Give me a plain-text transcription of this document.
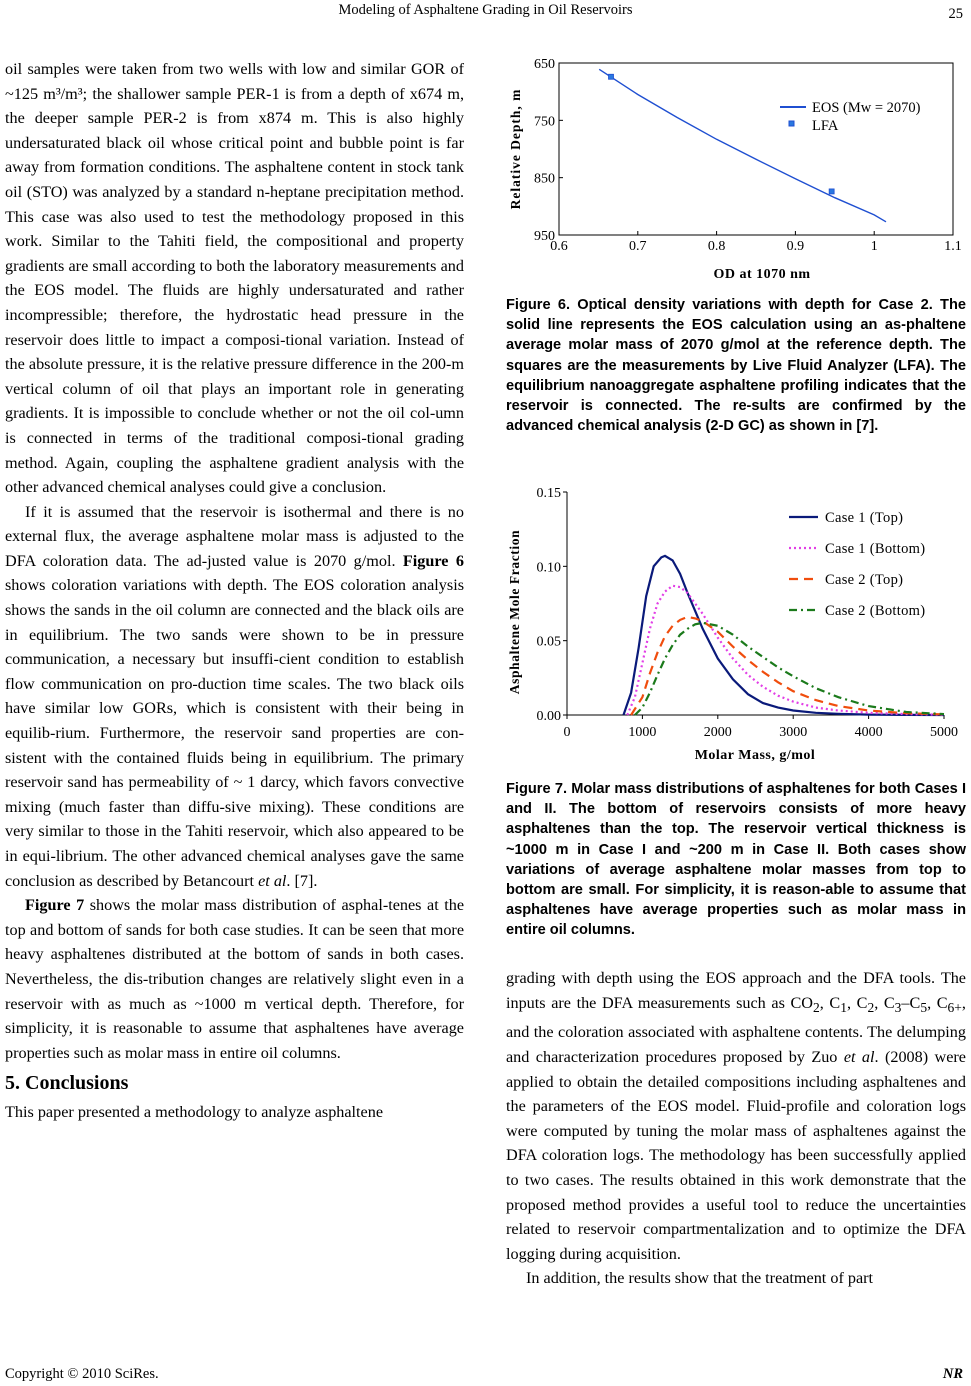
Modeling of Asphaltene Grading in Oil Reservoirs	25

oil samples were taken from two wells with low and similar GOR of ~125 m³/m³; the shallower sample PER-1 is from a depth of x674 m, the deeper sample PER-2 is from x874 m. This is also highly undersaturated black oil whose critical point and bubble point is far away from formation conditions. The asphaltene content in stock tank oil (STO) was analyzed by a standard n-heptane precipitation method. This case was also used to test the methodology proposed in this work. Similar to the Tahiti field, the compositional and property gradients are small according to both the laboratory measurements and the EOS model. The fluids are highly undersaturated and rather incompressible; therefore, the hydrostatic head pressure in the reservoir does little to impact a composi-tional variation. Instead of the absolute pressure, it is the relative pressure difference in the 200-m vertical column of oil that plays an important role in generating gradients. It is impossible to conclude whether or not the oil col-umn is connected in terms of the traditional composi-tional grading method. Again, coupling the asphaltene gradient analysis with the other advanced chemical analyses could give a conclusion.

If it is assumed that the reservoir is isothermal and there is no external flux, the average asphaltene molar mass is adjusted to the DFA coloration data. The ad-justed value is 2070 g/mol. Figure 6 shows coloration variations with depth. The EOS coloration analysis shows the sands in the oil column are connected and the black oils are in equilibrium. The two sands were shown to be in pressure communication, a necessary but insuffi-cient condition to establish flow communication on pro-duction time scales. The two black oils have similar low GORs, which is consistent with their being in equilib-rium. Furthermore, the reservoir sand properties are con-sistent with the contained fluids being in equilibrium. The primary reservoir sand has permeability of ~ 1 darcy, which favors convective mixing (much faster than diffu-sive mixing). These conditions are very similar to those in the Tahiti reservoir, which also appeared to be in equi-librium. The other advanced chemical analyses gave the same conclusion as described by Betancourt et al. [7].

Figure 7 shows the molar mass distribution of asphal-tenes at the top and bottom of sands for both case studies. It can be seen that more heavy asphaltenes distributed at the bottom of sands in both cases. Nevertheless, the dis-tribution changes are relatively slight even in a reservoir with as much as ~1000 m vertical depth. Therefore, for simplicity, it is reasonable to assume that asphaltenes have average properties such as molar mass in entire oil columns.

5. Conclusions

This paper presented a methodology to analyze asphaltene

650
750
850
950
0.6	0.7	0.8	0.9	1	1.1
Relative Depth, m
OD at 1070 nm
EOS (Mw = 2070)
LFA
Figure 6. Optical density variations with depth for Case 2. The solid line represents the EOS calculation using an as-phaltene average molar mass of 2070 g/mol at the reference depth. The squares are the measurements by Live Fluid Analyzer (LFA). The equilibrium nanoaggregate asphaltene profiling indicates that the reservoir is connected. The re-sults are confirmed by the advanced chemical analysis (2-D GC) as shown in [7].
0.00
0.05
0.10
0.15
0	1000	2000	3000	4000	5000
Asphaltene Mole Fraction
Molar Mass, g/mol
Case 1 (Top)
Case 1 (Bottom)
Case 2 (Top)
Case 2 (Bottom)
Figure 7. Molar mass distributions of asphaltenes for both Cases I and II. The bottom of reservoirs consists of more heavy asphaltenes than the top. The reservoir vertical thickness is ~1000 m in Case I and ~200 m in Case II. Both cases show variations of average asphaltene molar masses from top to bottom are small. For simplicity, it is reason-able to assume that asphaltenes have average properties such as molar mass in entire oil columns.

grading with depth using the EOS approach and the DFA tools. The inputs are the DFA measurements such as $CO_2$, $C_1$, $C_2$, $C_3-C_5$, $C_{6+}$, and the coloration associated with asphaltene contents. The delumping and characterization procedures proposed by Zuo et al. (2008) were applied to obtain the detailed compositions including asphaltenes and the parameters of the EOS model. Fluid-profile and coloration logs were computed by tuning the molar mass of asphaltenes against the DFA coloration logs. The methodology has been successfully applied to two cases. The results obtained in this work demonstrate that the proposed method provides a useful tool to reduce the uncertainties related to reservoir compartmentalization and to optimize the DFA logging during acquisition.

In addition, the results show that the treatment of part

Copyright © 2010 SciRes.	NR
